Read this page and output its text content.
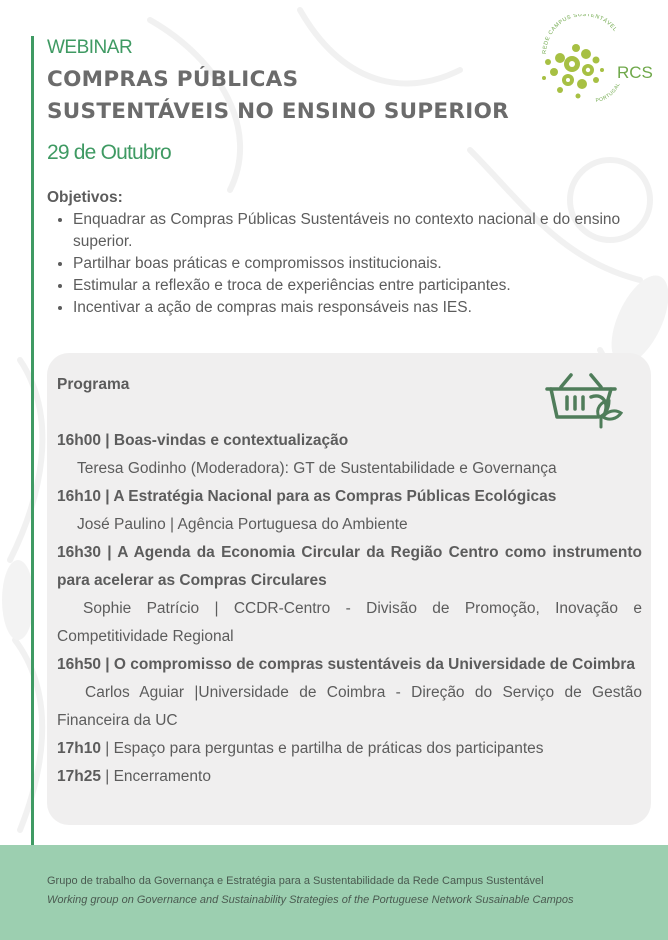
WEBINAR
COMPRAS PÚBLICAS
SUSTENTÁVEIS NO ENSINO SUPERIOR
29 de Outubro
REDE CAMPUS SUSTENTÁVEL
PORTUGAL
RCS
Objetivos:
• Enquadrar as Compras Públicas Sustentáveis no contexto nacional e do ensino superior.
• Partilhar boas práticas e compromissos institucionais.
• Estimular a reflexão e troca de experiências entre participantes.
• Incentivar a ação de compras mais responsáveis nas IES.
Programa
16h00 | Boas-vindas e contextualização
Teresa Godinho (Moderadora): GT de Sustentabilidade e Governança
16h10 | A Estratégia Nacional para as Compras Públicas Ecológicas
José Paulino | Agência Portuguesa do Ambiente
16h30 | A Agenda da Economia Circular da Região Centro como instrumento para acelerar as Compras Circulares
Sophie Patrício | CCDR-Centro - Divisão de Promoção, Inovação e Competitividade Regional
16h50 | O compromisso de compras sustentáveis da Universidade de Coimbra
Carlos Aguiar |Universidade de Coimbra - Direção do Serviço de Gestão Financeira da UC
17h10 | Espaço para perguntas e partilha de práticas dos participantes
17h25 | Encerramento
Grupo de trabalho da Governança e Estratégia para a Sustentabilidade da Rede Campus Sustentável
Working group on Governance and Sustainability Strategies of the Portuguese Network Susainable Campos
